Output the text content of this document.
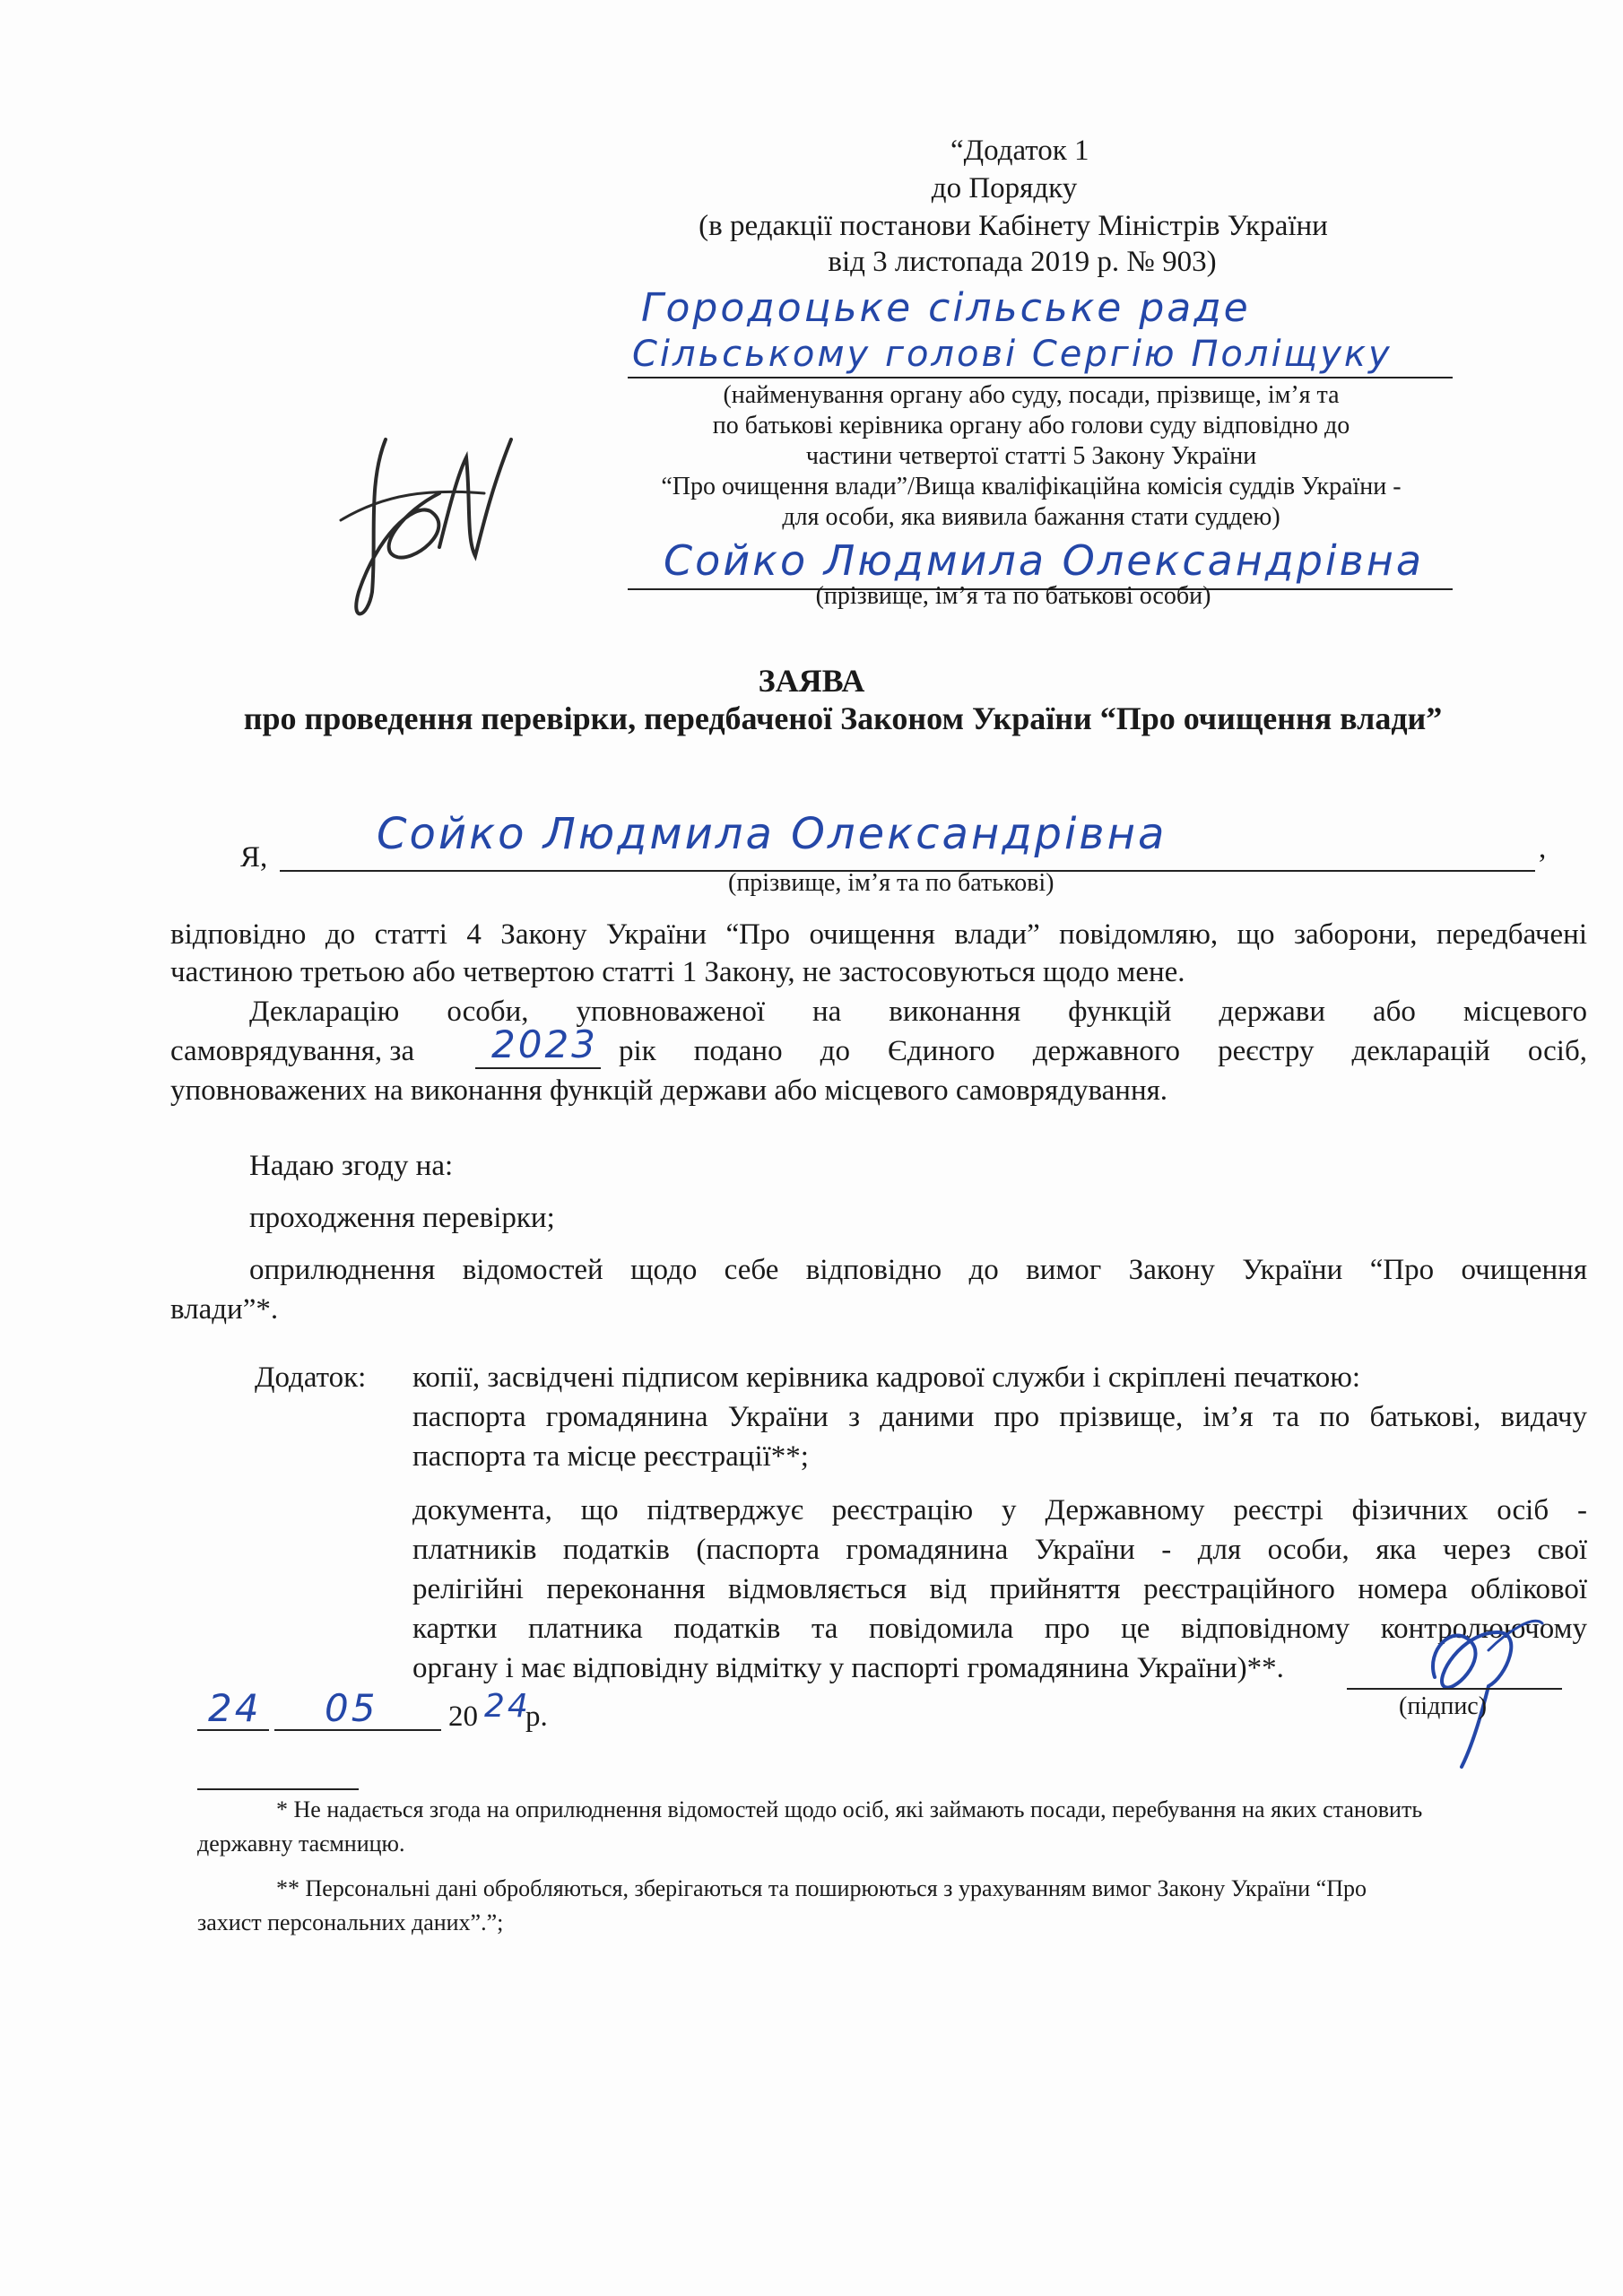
“Додаток 1
до Порядку
(в редакції постанови Кабінету Міністрів України
від 3 листопада 2019 р. № 903)
Городоцьке сільське раде
Сільському голові Сергію Поліщуку
(найменування органу або суду, посади, прізвище, ім’я та
по батькові керівника органу або голови суду відповідно до
частини четвертої статті 5 Закону України
“Про очищення влади”/Вища кваліфікаційна комісія суддів України -
для особи, яка виявила бажання стати суддею)
Сойко Людмила Олександрівна
(прізвище, ім’я та по батькові особи)
ЗАЯВА
про проведення перевірки, передбаченої Законом України “Про очищення влади”
Я,	Сойко Людмила Олександрівна	,
(прізвище, ім’я та по батькові)
відповідно до статті 4 Закону України “Про очищення влади” повідомляю, що заборони, передбачені
частиною третьою або четвертою статті 1 Закону, не застосовуються щодо мене.
Декларацію особи, уповноваженої на виконання функцій держави або місцевого
самоврядування, за 2023 рік подано до Єдиного державного реєстру декларацій осіб,
уповноважених на виконання функцій держави або місцевого самоврядування.
Надаю згоду на:
проходження перевірки;
оприлюднення відомостей щодо себе відповідно до вимог Закону України “Про очищення
влади”*.
Додаток: копії, засвідчені підписом керівника кадрової служби і скріплені печаткою:
паспорта громадянина України з даними про прізвище, ім’я та по батькові, видачу
паспорта та місце реєстрації**;
документа, що підтверджує реєстрацію у Державному реєстрі фізичних осіб -
платників податків (паспорта громадянина України - для особи, яка через свої
релігійні переконання відмовляється від прийняття реєстраційного номера облікової
картки платника податків та повідомила про це відповідному контролюючому
органу і має відповідну відмітку у паспорті громадянина України)**.
24 05 20 24
р.	(підпис)
* Не надається згода на оприлюднення відомостей щодо осіб, які займають посади, перебування на яких становить
державну таємницю.
** Персональні дані обробляються, зберігаються та поширюються з урахуванням вимог Закону України “Про
захист персональних даних”.”;
